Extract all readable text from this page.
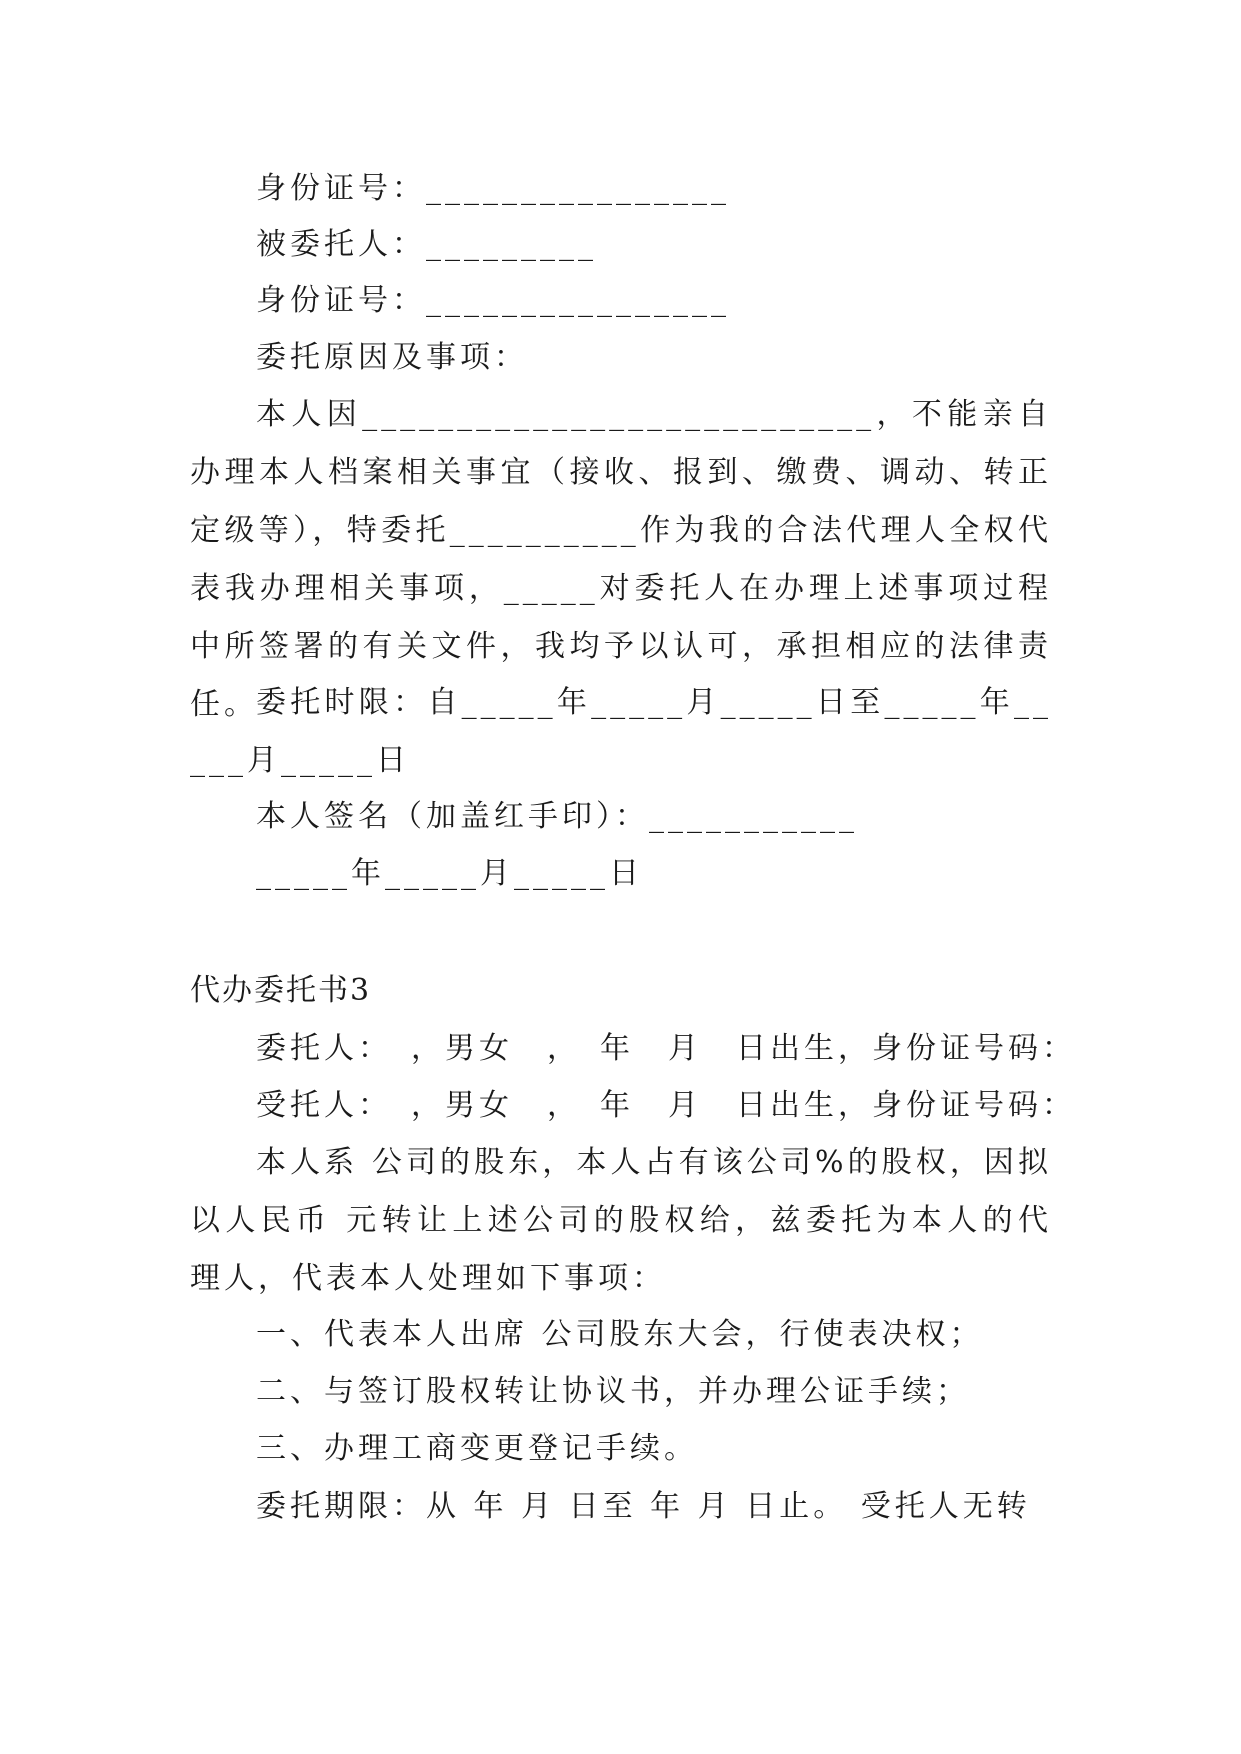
身份证号：________________

被委托人：_________

身份证号：________________

委托原因及事项：

本人因___________________________，不能亲自办理本人档案相关事宜（接收、报到、缴费、调动、转正定级等），特委托__________作为我的合法代理人全权代表我办理相关事项，_____对委托人在办理上述事项过程中所签署的有关文件，我均予以认可，承担相应的法律责任。

委托时限：自_____年_____月_____日至_____年_____月_____日

本人签名（加盖红手印）：___________

_____年_____月_____日

代办委托书3

委托人：　，男女　，　年　月　日出生，身份证号码：

受托人：　，男女　，　年　月　日出生，身份证号码：

本人系 公司的股东，本人占有该公司%的股权，因拟以人民币 元转让上述公司的股权给，兹委托为本人的代理人，代表本人处理如下事项：

一、代表本人出席 公司股东大会，行使表决权；

二、与签订股权转让协议书，并办理公证手续；

三、办理工商变更登记手续。

委托期限：从 年 月 日至 年 月 日止。 受托人无转
